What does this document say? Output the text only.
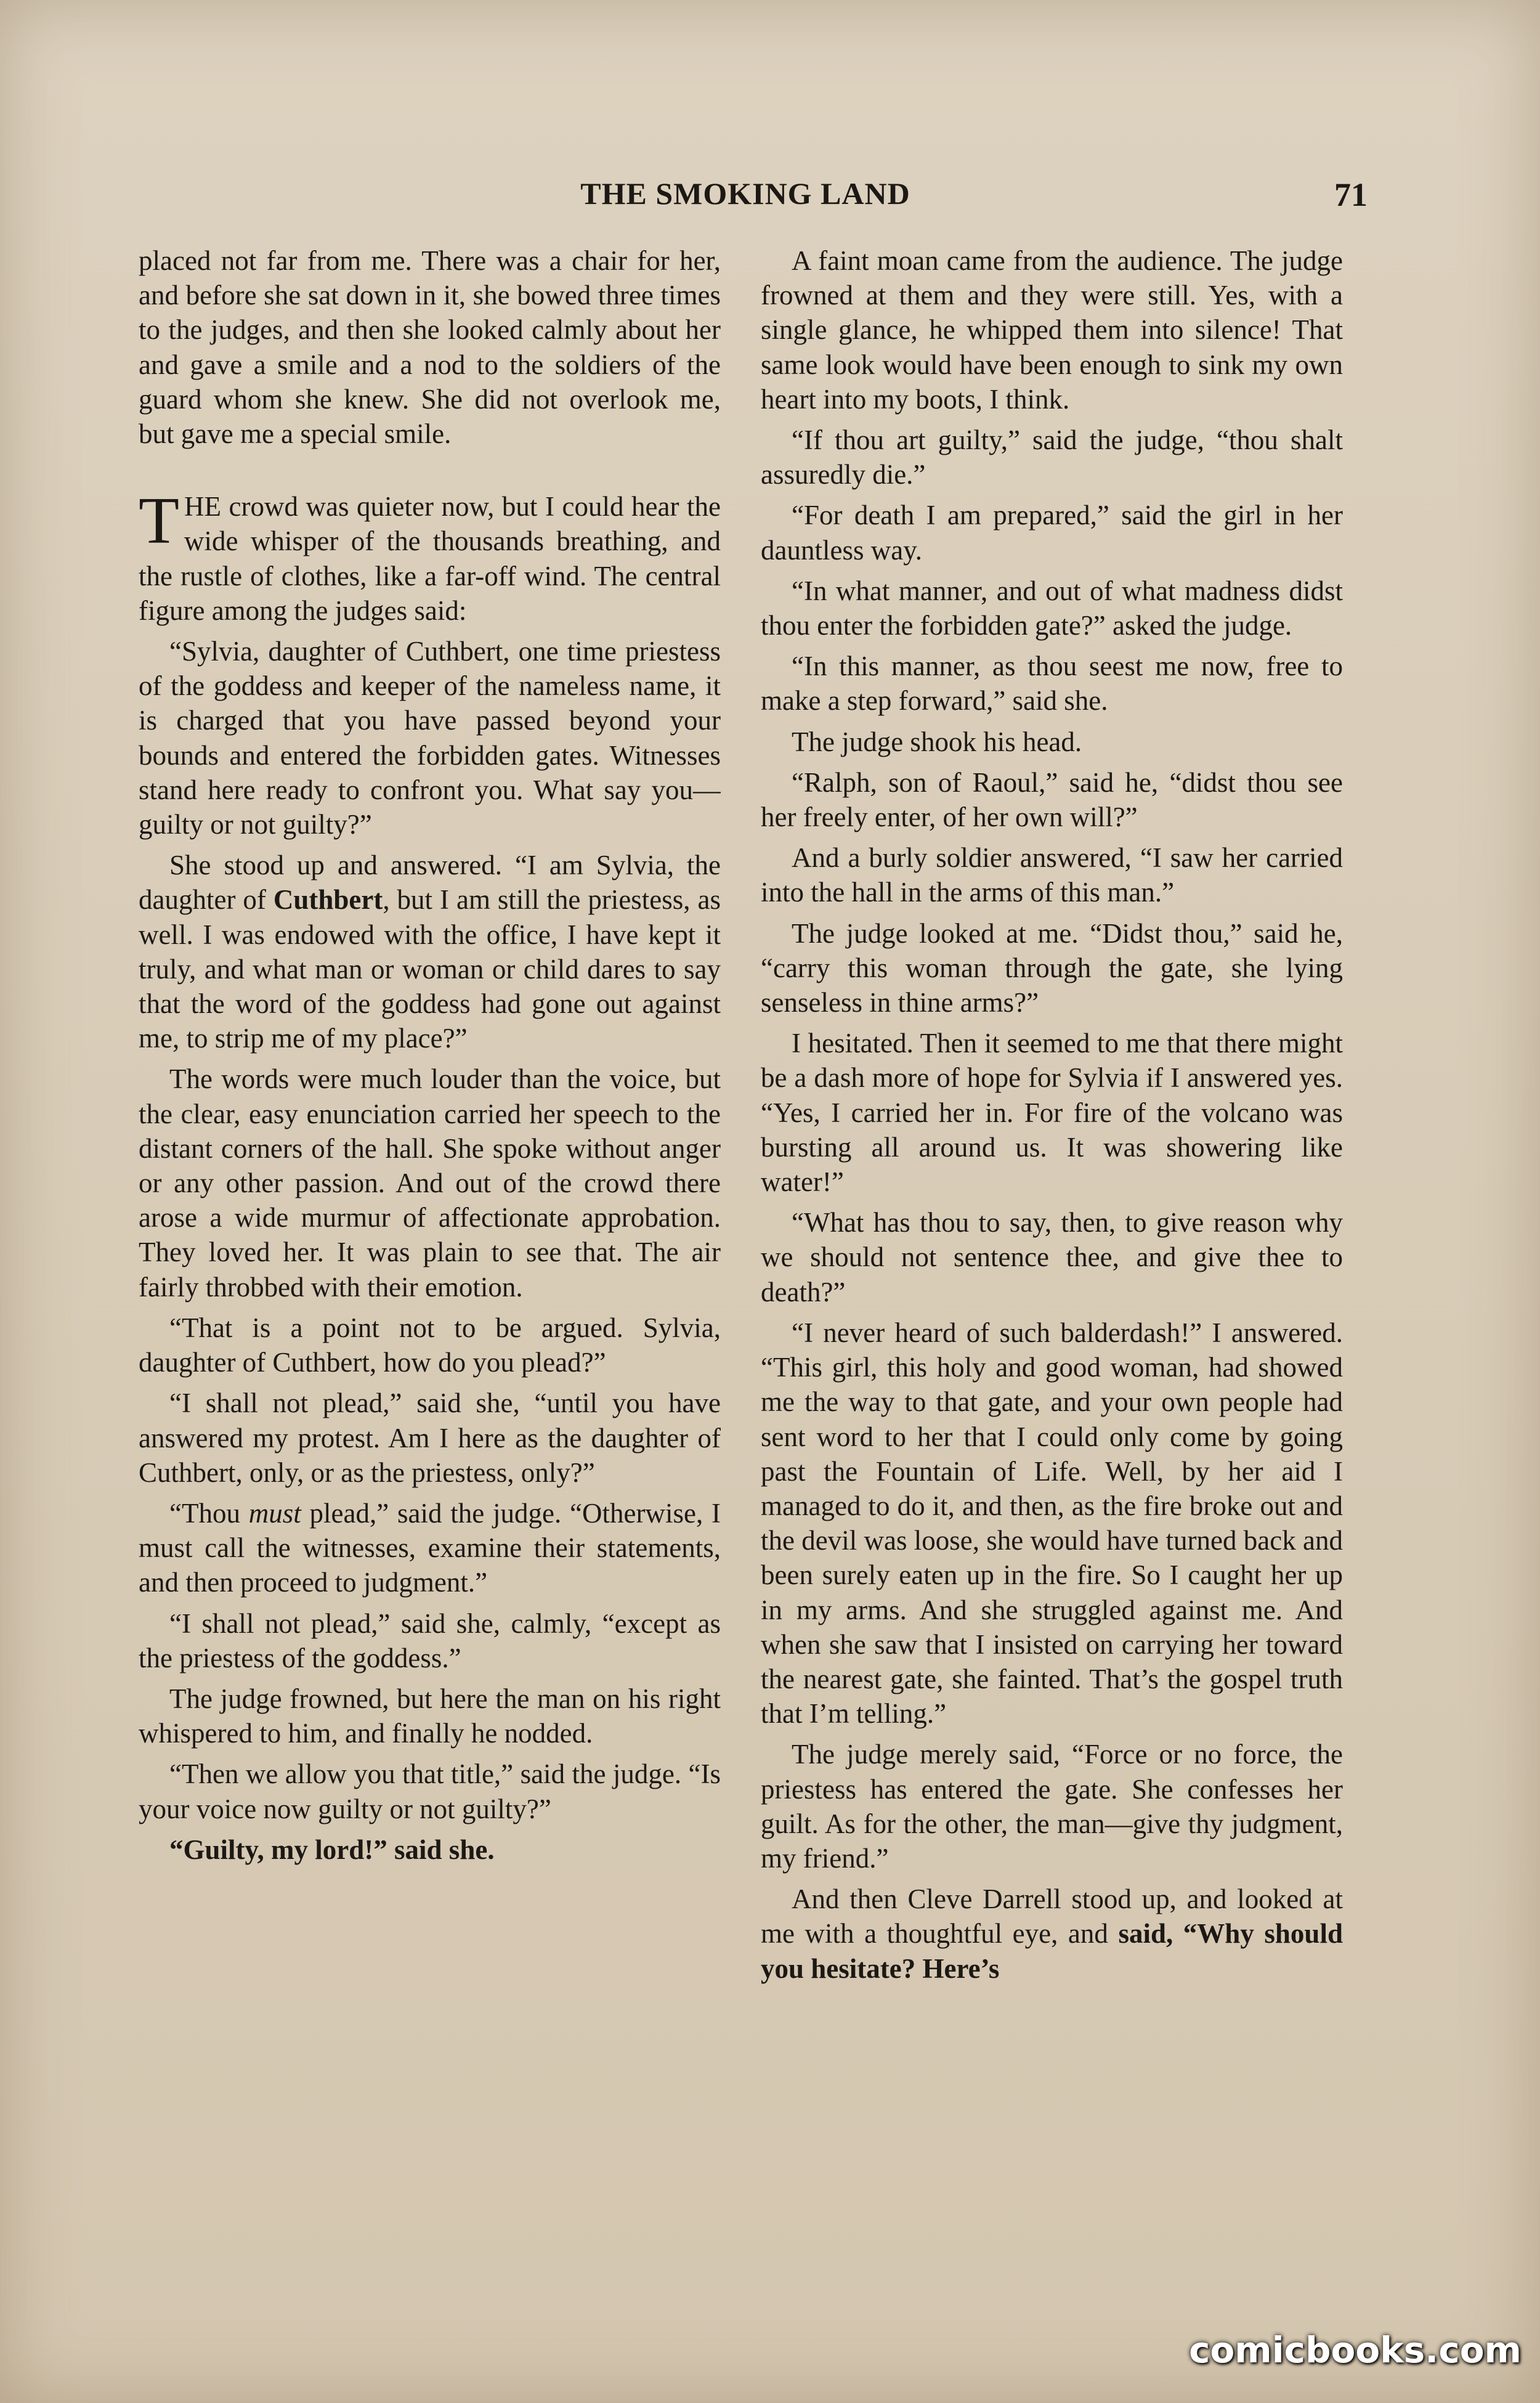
THE SMOKING LAND	71

placed not far from me. There was a chair for her, and before she sat down in it, she bowed three times to the judges, and then she looked calmly about her and gave a smile and a nod to the soldiers of the guard whom she knew. She did not overlook me, but gave me a special smile.

THE crowd was quieter now, but I could hear the wide whisper of the thousands breathing, and the rustle of clothes, like a far-off wind. The central figure among the judges said:

“Sylvia, daughter of Cuthbert, one time priestess of the goddess and keeper of the nameless name, it is charged that you have passed beyond your bounds and entered the forbidden gates. Witnesses stand here ready to confront you. What say you—guilty or not guilty?”

She stood up and answered. “I am Sylvia, the daughter of Cuthbert, but I am still the priestess, as well. I was endowed with the office, I have kept it truly, and what man or woman or child dares to say that the word of the goddess had gone out against me, to strip me of my place?”

The words were much louder than the voice, but the clear, easy enunciation carried her speech to the distant corners of the hall. She spoke without anger or any other passion. And out of the crowd there arose a wide murmur of affectionate approbation. They loved her. It was plain to see that. The air fairly throbbed with their emotion.

“That is a point not to be argued. Sylvia, daughter of Cuthbert, how do you plead?”

“I shall not plead,” said she, “until you have answered my protest. Am I here as the daughter of Cuthbert, only, or as the priestess, only?”

“Thou must plead,” said the judge. “Otherwise, I must call the witnesses, examine their statements, and then proceed to judgment.”

“I shall not plead,” said she, calmly, “except as the priestess of the goddess.”

The judge frowned, but here the man on his right whispered to him, and finally he nodded.

“Then we allow you that title,” said the judge. “Is your voice now guilty or not guilty?”

“Guilty, my lord!” said she.

A faint moan came from the audience. The judge frowned at them and they were still. Yes, with a single glance, he whipped them into silence! That same look would have been enough to sink my own heart into my boots, I think.

“If thou art guilty,” said the judge, “thou shalt assuredly die.”

“For death I am prepared,” said the girl in her dauntless way.

“In what manner, and out of what madness didst thou enter the forbidden gate?” asked the judge.

“In this manner, as thou seest me now, free to make a step forward,” said she.

The judge shook his head.

“Ralph, son of Raoul,” said he, “didst thou see her freely enter, of her own will?”

And a burly soldier answered, “I saw her carried into the hall in the arms of this man.”

The judge looked at me. “Didst thou,” said he, “carry this woman through the gate, she lying senseless in thine arms?”

I hesitated. Then it seemed to me that there might be a dash more of hope for Sylvia if I answered yes. “Yes, I carried her in. For fire of the volcano was bursting all around us. It was showering like water!”

“What has thou to say, then, to give reason why we should not sentence thee, and give thee to death?”

“I never heard of such balderdash!” I answered. “This girl, this holy and good woman, had showed me the way to that gate, and your own people had sent word to her that I could only come by going past the Fountain of Life. Well, by her aid I managed to do it, and then, as the fire broke out and the devil was loose, she would have turned back and been surely eaten up in the fire. So I caught her up in my arms. And she struggled against me. And when she saw that I insisted on carrying her toward the nearest gate, she fainted. That’s the gospel truth that I’m telling.”

The judge merely said, “Force or no force, the priestess has entered the gate. She confesses her guilt. As for the other, the man—give thy judgment, my friend.”

And then Cleve Darrell stood up, and looked at me with a thoughtful eye, and said, “Why should you hesitate? Here’s

comicbooks.com
